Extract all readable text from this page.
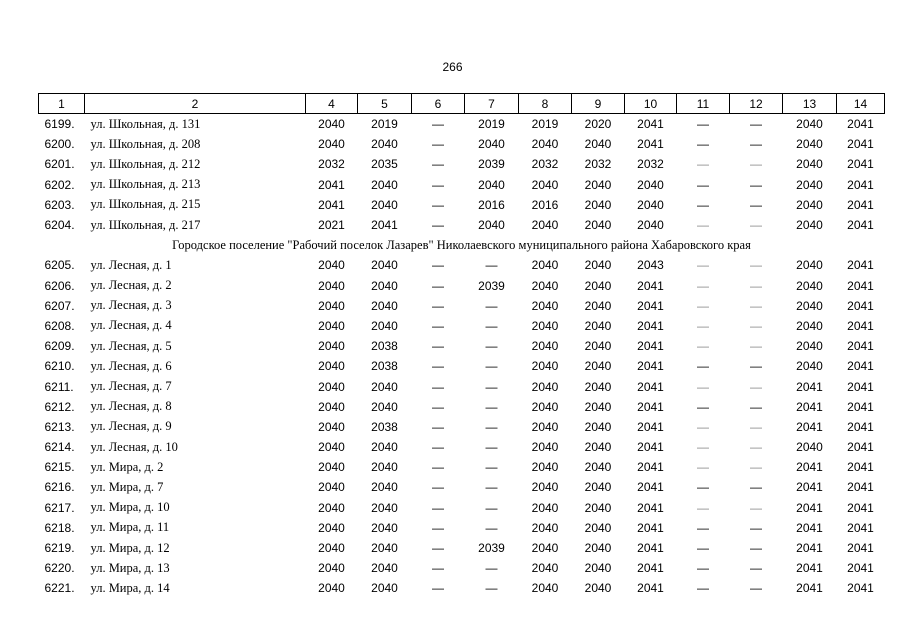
266
1	2	4	5	6	7	8	9	10	11	12	13	14
6199.	ул. Школьная, д. 131	2040	2019	—	2019	2019	2020	2041	—	—	2040	2041
6200.	ул. Школьная, д. 208	2040	2040	—	2040	2040	2040	2041	—	—	2040	2041
6201.	ул. Школьная, д. 212	2032	2035	—	2039	2032	2032	2032	—	—	2040	2041
6202.	ул. Школьная, д. 213	2041	2040	—	2040	2040	2040	2040	—	—	2040	2041
6203.	ул. Школьная, д. 215	2041	2040	—	2016	2016	2040	2040	—	—	2040	2041
6204.	ул. Школьная, д. 217	2021	2041	—	2040	2040	2040	2040	—	—	2040	2041
Городское поселение "Рабочий поселок Лазарев" Николаевского муниципального района Хабаровского края												
6205.	ул. Лесная, д. 1	2040	2040	—	—	2040	2040	2043	—	—	2040	2041
6206.	ул. Лесная, д. 2	2040	2040	—	2039	2040	2040	2041	—	—	2040	2041
6207.	ул. Лесная, д. 3	2040	2040	—	—	2040	2040	2041	—	—	2040	2041
6208.	ул. Лесная, д. 4	2040	2040	—	—	2040	2040	2041	—	—	2040	2041
6209.	ул. Лесная, д. 5	2040	2038	—	—	2040	2040	2041	—	—	2040	2041
6210.	ул. Лесная, д. 6	2040	2038	—	—	2040	2040	2041	—	—	2040	2041
6211.	ул. Лесная, д. 7	2040	2040	—	—	2040	2040	2041	—	—	2041	2041
6212.	ул. Лесная, д. 8	2040	2040	—	—	2040	2040	2041	—	—	2041	2041
6213.	ул. Лесная, д. 9	2040	2038	—	—	2040	2040	2041	—	—	2041	2041
6214.	ул. Лесная, д. 10	2040	2040	—	—	2040	2040	2041	—	—	2040	2041
6215.	ул. Мира, д. 2	2040	2040	—	—	2040	2040	2041	—	—	2041	2041
6216.	ул. Мира, д. 7	2040	2040	—	—	2040	2040	2041	—	—	2041	2041
6217.	ул. Мира, д. 10	2040	2040	—	—	2040	2040	2041	—	—	2041	2041
6218.	ул. Мира, д. 11	2040	2040	—	—	2040	2040	2041	—	—	2041	2041
6219.	ул. Мира, д. 12	2040	2040	—	2039	2040	2040	2041	—	—	2041	2041
6220.	ул. Мира, д. 13	2040	2040	—	—	2040	2040	2041	—	—	2041	2041
6221.	ул. Мира, д. 14	2040	2040	—	—	2040	2040	2041	—	—	2041	2041
